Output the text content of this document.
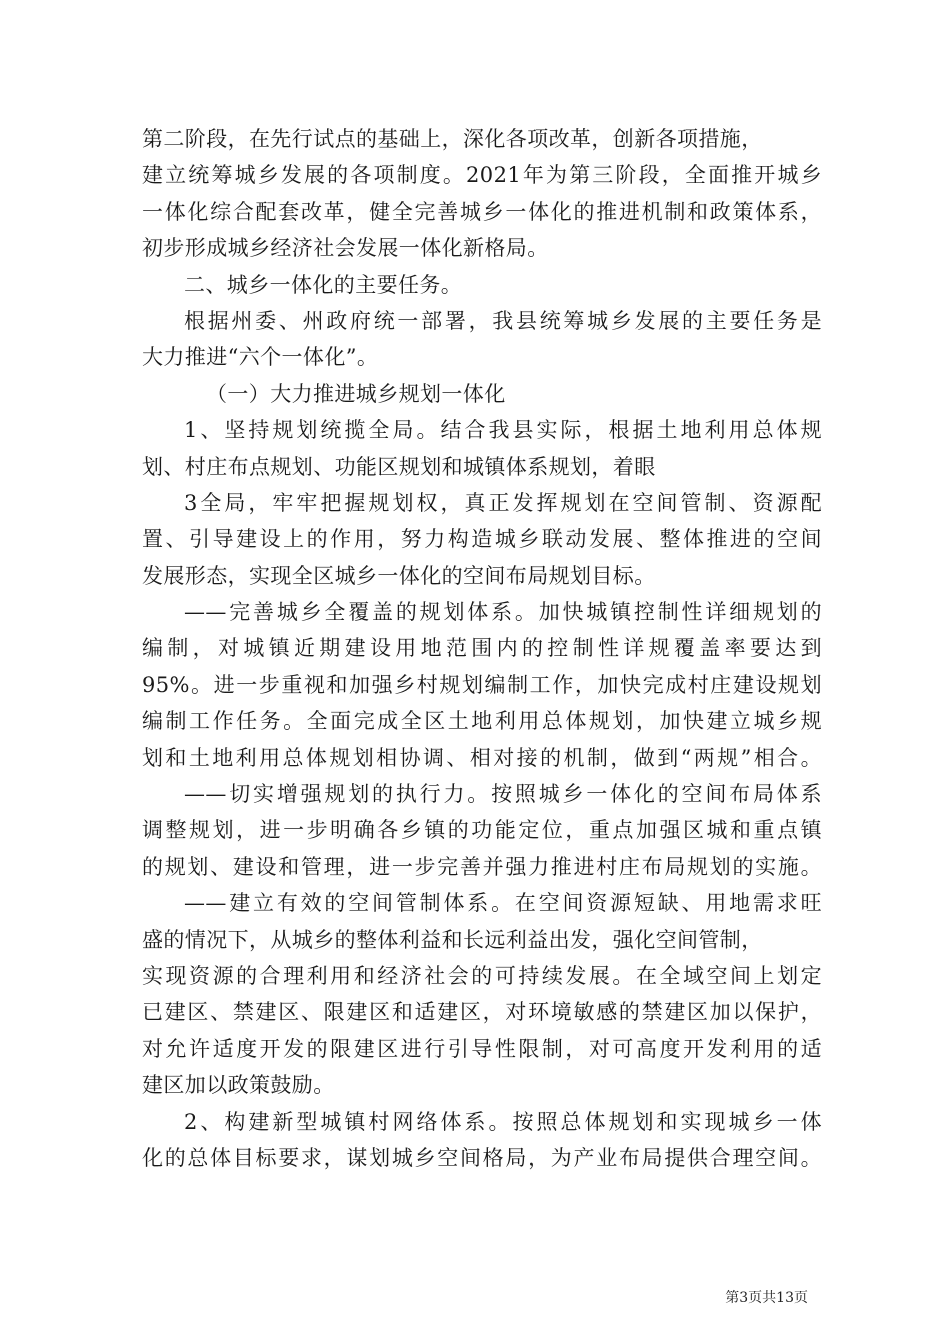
第二阶段，在先行试点的基础上，深化各项改革，创新各项措施，
建立统筹城乡发展的各项制度。2021年为第三阶段，全面推开城乡
一体化综合配套改革，健全完善城乡一体化的推进机制和政策体系，
初步形成城乡经济社会发展一体化新格局。
二、城乡一体化的主要任务。
根据州委、州政府统一部署，我县统筹城乡发展的主要任务是
大力推进“六个一体化”。
（一）大力推进城乡规划一体化
1、坚持规划统揽全局。结合我县实际，根据土地利用总体规
划、村庄布点规划、功能区规划和城镇体系规划，着眼
3全局，牢牢把握规划权，真正发挥规划在空间管制、资源配
置、引导建设上的作用，努力构造城乡联动发展、整体推进的空间
发展形态，实现全区城乡一体化的空间布局规划目标。
——完善城乡全覆盖的规划体系。加快城镇控制性详细规划的
编制，对城镇近期建设用地范围内的控制性详规覆盖率要达到
95%。进一步重视和加强乡村规划编制工作，加快完成村庄建设规划
编制工作任务。全面完成全区土地利用总体规划，加快建立城乡规
划和土地利用总体规划相协调、相对接的机制，做到“两规”相合。
——切实增强规划的执行力。按照城乡一体化的空间布局体系
调整规划，进一步明确各乡镇的功能定位，重点加强区城和重点镇
的规划、建设和管理，进一步完善并强力推进村庄布局规划的实施。
——建立有效的空间管制体系。在空间资源短缺、用地需求旺
盛的情况下，从城乡的整体利益和长远利益出发，强化空间管制，
实现资源的合理利用和经济社会的可持续发展。在全域空间上划定
已建区、禁建区、限建区和适建区，对环境敏感的禁建区加以保护，
对允许适度开发的限建区进行引导性限制，对可高度开发利用的适
建区加以政策鼓励。
2、构建新型城镇村网络体系。按照总体规划和实现城乡一体
化的总体目标要求，谋划城乡空间格局，为产业布局提供合理空间。
第3页共13页
